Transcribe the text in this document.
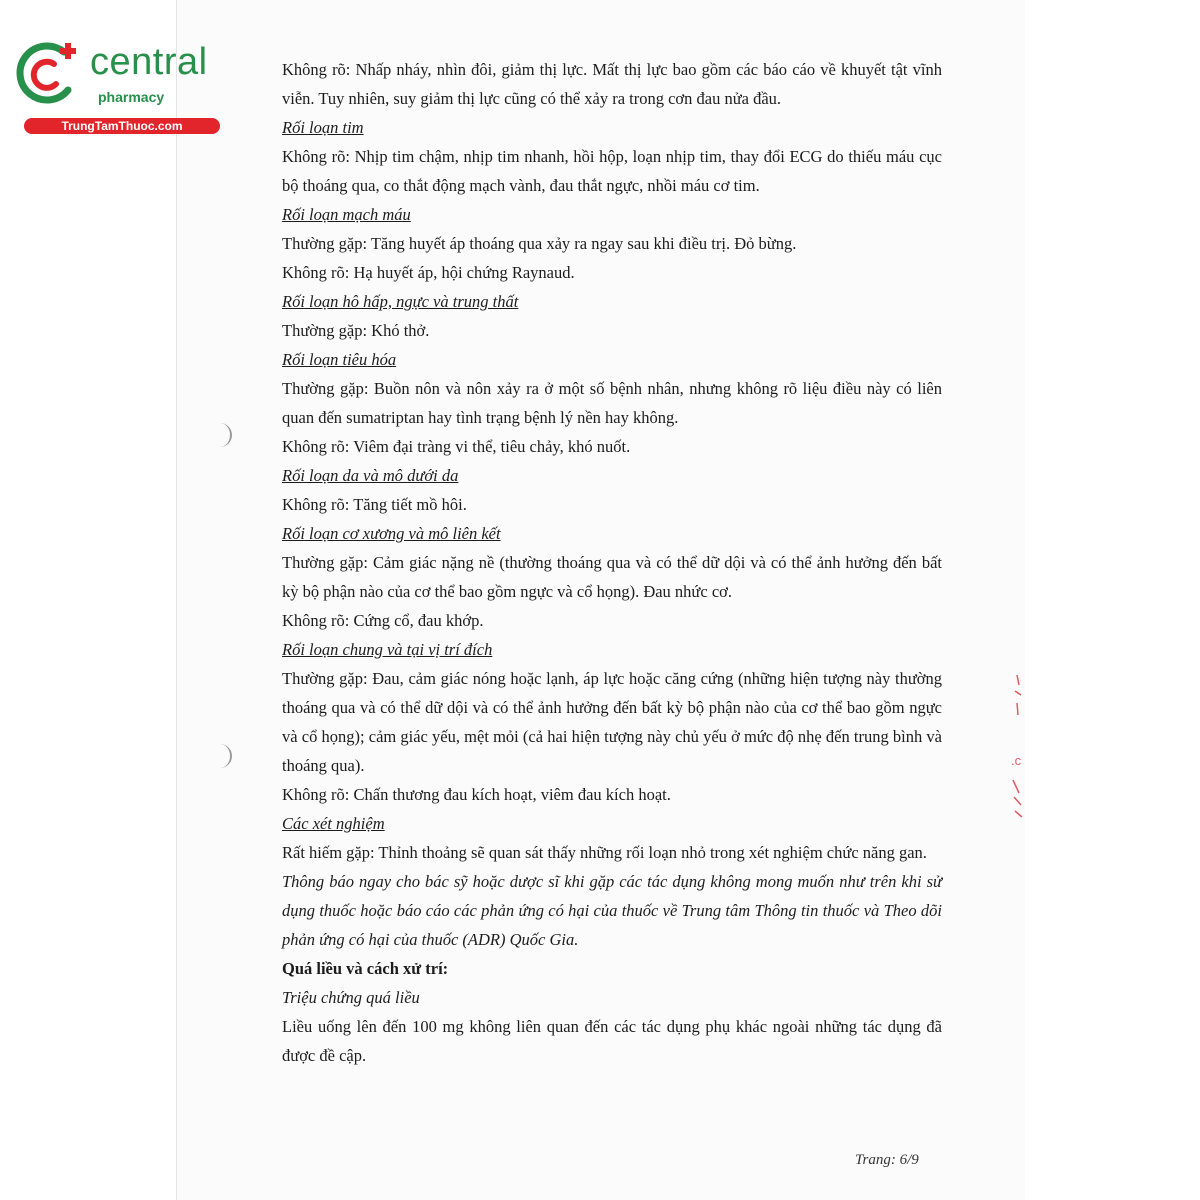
central
pharmacy
TrungTamThuoc.com
.c

Không rõ: Nhấp nháy, nhìn đôi, giảm thị lực. Mất thị lực bao gồm các báo cáo về khuyết tật vĩnh viễn. Tuy nhiên, suy giảm thị lực cũng có thể xảy ra trong cơn đau nửa đầu.

Rối loạn tim

Không rõ: Nhịp tim chậm, nhịp tim nhanh, hồi hộp, loạn nhịp tim, thay đổi ECG do thiếu máu cục bộ thoáng qua, co thắt động mạch vành, đau thắt ngực, nhồi máu cơ tim.

Rối loạn mạch máu

Thường gặp: Tăng huyết áp thoáng qua xảy ra ngay sau khi điều trị. Đỏ bừng.

Không rõ: Hạ huyết áp, hội chứng Raynaud.

Rối loạn hô hấp, ngực và trung thất

Thường gặp: Khó thở.

Rối loạn tiêu hóa

Thường gặp: Buồn nôn và nôn xảy ra ở một số bệnh nhân, nhưng không rõ liệu điều này có liên quan đến sumatriptan hay tình trạng bệnh lý nền hay không.

Không rõ: Viêm đại tràng vi thể, tiêu chảy, khó nuốt.

Rối loạn da và mô dưới da

Không rõ: Tăng tiết mồ hôi.

Rối loạn cơ xương và mô liên kết

Thường gặp: Cảm giác nặng nề (thường thoáng qua và có thể dữ dội và có thể ảnh hưởng đến bất kỳ bộ phận nào của cơ thể bao gồm ngực và cổ họng). Đau nhức cơ.

Không rõ: Cứng cổ, đau khớp.

Rối loạn chung và tại vị trí đích

Thường gặp: Đau, cảm giác nóng hoặc lạnh, áp lực hoặc căng cứng (những hiện tượng này thường thoáng qua và có thể dữ dội và có thể ảnh hưởng đến bất kỳ bộ phận nào của cơ thể bao gồm ngực và cổ họng); cảm giác yếu, mệt mỏi (cả hai hiện tượng này chủ yếu ở mức độ nhẹ đến trung bình và thoáng qua).

Không rõ: Chấn thương đau kích hoạt, viêm đau kích hoạt.

Các xét nghiệm

Rất hiếm gặp: Thỉnh thoảng sẽ quan sát thấy những rối loạn nhỏ trong xét nghiệm chức năng gan.

Thông báo ngay cho bác sỹ hoặc dược sĩ khi gặp các tác dụng không mong muốn như trên khi sử dụng thuốc hoặc báo cáo các phản ứng có hại của thuốc về Trung tâm Thông tin thuốc và Theo dõi phản ứng có hại của thuốc (ADR) Quốc Gia.

Quá liều và cách xử trí:

Triệu chứng quá liều

Liều uống lên đến 100 mg không liên quan đến các tác dụng phụ khác ngoài những tác dụng đã được đề cập.

Trang: 6/9
